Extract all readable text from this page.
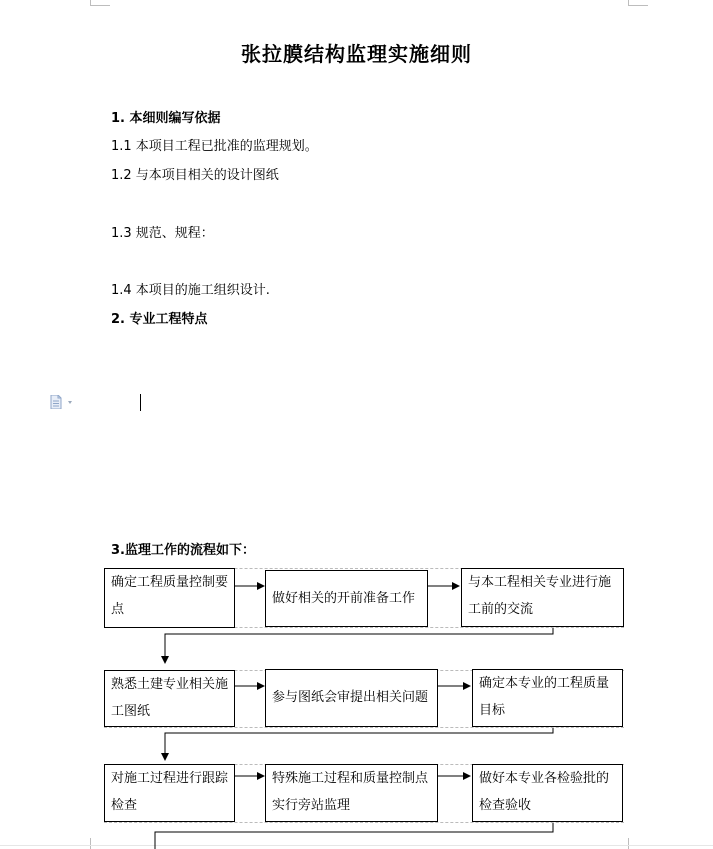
张拉膜结构监理实施细则
1. 本细则编写依据
1.1 本项目工程已批准的监理规划。
1.2 与本项目相关的设计图纸
1.3 规范、规程：
1.4 本项目的施工组织设计.
2. 专业工程特点
3.监理工作的流程如下：
确定工程质量控制要点
做好相关的开前准备工作
与本工程相关专业进行施工前的交流
熟悉土建专业相关施工图纸
参与图纸会审提出相关问题
确定本专业的工程质量目标
对施工过程进行跟踪检查
特殊施工过程和质量控制点实行旁站监理
做好本专业各检验批的检查验收
